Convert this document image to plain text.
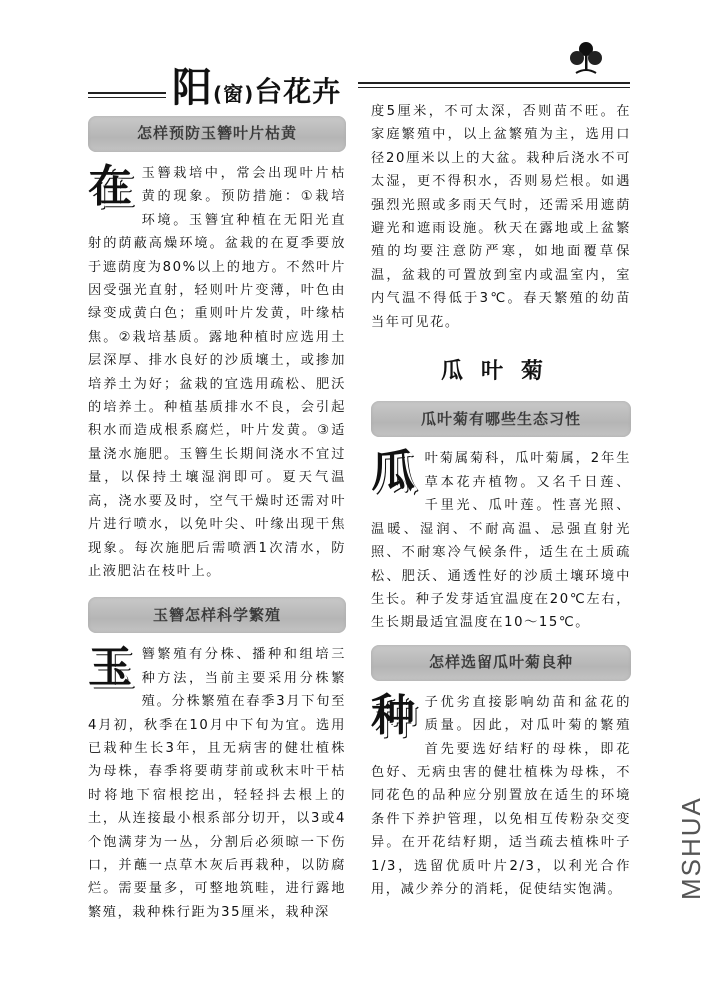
阳(窗)台花卉
怎样预防玉簪叶片枯黄
在 玉簪栽培中，常会出现叶片枯黄的现象。预防措施：①栽培环境。玉簪宜种植在无阳光直射的荫蔽高燥环境。盆栽的在夏季要放于遮荫度为80%以上的地方。不然叶片因受强光直射，轻则叶片变薄，叶色由绿变成黄白色；重则叶片发黄，叶缘枯焦。②栽培基质。露地种植时应选用土层深厚、排水良好的沙质壤土，或掺加培养土为好；盆栽的宜选用疏松、肥沃的培养土。种植基质排水不良，会引起积水而造成根系腐烂，叶片发黄。③适量浇水施肥。玉簪生长期间浇水不宜过量，以保持土壤湿润即可。夏天气温高，浇水要及时，空气干燥时还需对叶片进行喷水，以免叶尖、叶缘出现干焦现象。每次施肥后需喷洒1次清水，防止液肥沾在枝叶上。

玉簪怎样科学繁殖
玉 簪繁殖有分株、播种和组培三种方法，当前主要采用分株繁殖。分株繁殖在春季3月下旬至4月初，秋季在10月中下旬为宜。选用已栽种生长3年，且无病害的健壮植株为母株，春季将要萌芽前或秋末叶干枯时将地下宿根挖出，轻轻抖去根上的土，从连接最小根系部分切开，以3或4个饱满芽为一丛，分割后必须晾一下伤口，并蘸一点草木灰后再栽种，以防腐烂。需要量多，可整地筑畦，进行露地繁殖，栽种株行距为35厘米，栽种深

度5厘米，不可太深，否则苗不旺。在家庭繁殖中，以上盆繁殖为主，选用口径20厘米以上的大盆。栽种后浇水不可太湿，更不得积水，否则易烂根。如遇强烈光照或多雨天气时，还需采用遮荫避光和遮雨设施。秋天在露地或上盆繁殖的均要注意防严寒，如地面覆草保温，盆栽的可置放到室内或温室内，室内气温不得低于3℃。春天繁殖的幼苗当年可见花。

瓜叶菊
瓜叶菊有哪些生态习性
瓜 叶菊属菊科，瓜叶菊属，2年生草本花卉植物。又名千日莲、千里光、瓜叶莲。性喜光照、温暖、湿润、不耐高温、忌强直射光照、不耐寒冷气候条件，适生在土质疏松、肥沃、通透性好的沙质土壤环境中生长。种子发芽适宜温度在20℃左右，生长期最适宜温度在10～15℃。

怎样选留瓜叶菊良种
种 子优劣直接影响幼苗和盆花的质量。因此，对瓜叶菊的繁殖首先要选好结籽的母株，即花色好、无病虫害的健壮植株为母株，不同花色的品种应分别置放在适生的环境条件下养护管理，以免相互传粉杂交变异。在开花结籽期，适当疏去植株叶子1/3，选留优质叶片2/3，以利光合作用，减少养分的消耗，促使结实饱满。	MSHUA
